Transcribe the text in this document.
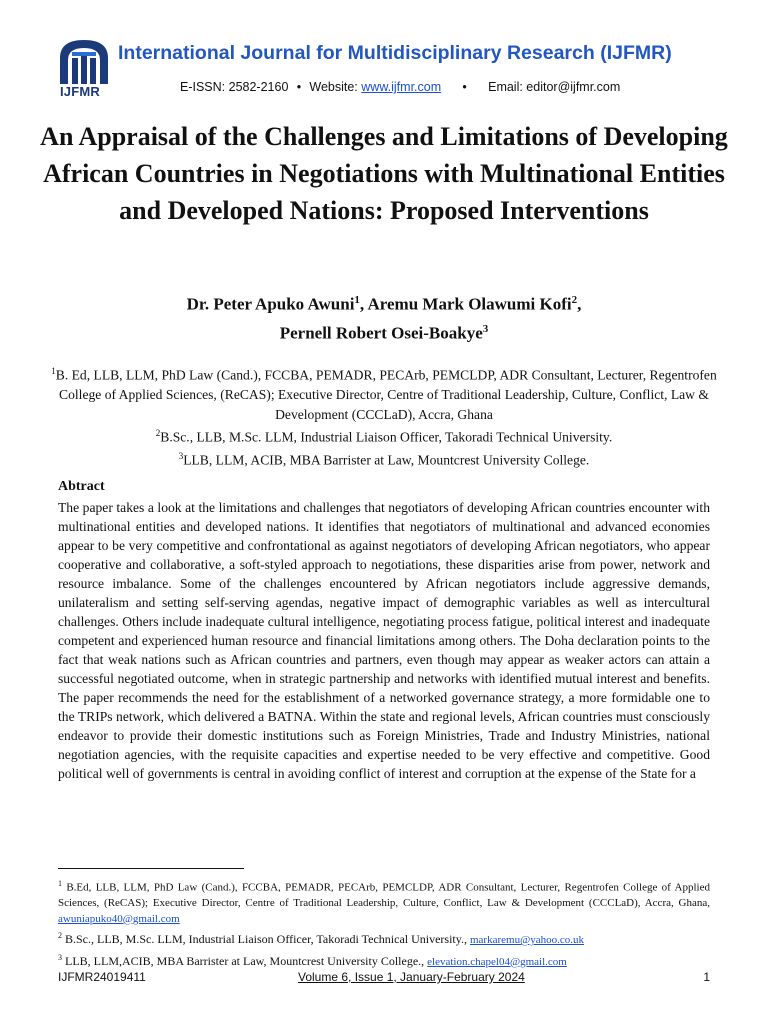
IJFMR
International Journal for Multidisciplinary Research (IJFMR)
E-ISSN: 2582-2160 • Website: www.ijfmr.com • Email: editor@ijfmr.com
An Appraisal of the Challenges and Limitations of Developing African Countries in Negotiations with Multinational Entities and Developed Nations: Proposed Interventions
Dr. Peter Apuko Awuni$^1$, Aremu Mark Olawumi Kofi$^2$,
Pernell Robert Osei-Boakye$^3$
$^1$B. Ed, LLB, LLM, PhD Law (Cand.), FCCBA, PEMADR, PECArb, PEMCLDP, ADR Consultant, Lecturer, Regentrofen College of Applied Sciences, (ReCAS); Executive Director, Centre of Traditional Leadership, Culture, Conflict, Law & Development (CCCLaD), Accra, Ghana
$^2$B.Sc., LLB, M.Sc. LLM, Industrial Liaison Officer, Takoradi Technical University.
$^3$LLB, LLM, ACIB, MBA Barrister at Law, Mountcrest University College.
Abtract
The paper takes a look at the limitations and challenges that negotiators of developing African countries encounter with multinational entities and developed nations. It identifies that negotiators of multinational and advanced economies appear to be very competitive and confrontational as against negotiators of developing African negotiators, who appear cooperative and collaborative, a soft-styled approach to negotiations, these disparities arise from power, network and resource imbalance. Some of the challenges encountered by African negotiators include aggressive demands, unilateralism and setting self-serving agendas, negative impact of demographic variables as well as intercultural challenges. Others include inadequate cultural intelligence, negotiating process fatigue, political interest and inadequate competent and experienced human resource and financial limitations among others. The Doha declaration points to the fact that weak nations such as African countries and partners, even though may appear as weaker actors can attain a successful negotiated outcome, when in strategic partnership and networks with identified mutual interest and benefits. The paper recommends the need for the establishment of a networked governance strategy, a more formidable one to the TRIPs network, which delivered a BATNA. Within the state and regional levels, African countries must consciously endeavor to provide their domestic institutions such as Foreign Ministries, Trade and Industry Ministries, national negotiation agencies, with the requisite capacities and expertise needed to be very effective and competitive. Good political well of governments is central in avoiding conflict of interest and corruption at the expense of the State for a
$^1$ B.Ed, LLB, LLM, PhD Law (Cand.), FCCBA, PEMADR, PECArb, PEMCLDP, ADR Consultant, Lecturer, Regentrofen College of Applied Sciences, (ReCAS); Executive Director, Centre of Traditional Leadership, Culture, Conflict, Law & Development (CCCLaD), Accra, Ghana, awuniapuko40@gmail.com
$^2$ B.Sc., LLB, M.Sc. LLM, Industrial Liaison Officer, Takoradi Technical University., markaremu@yahoo.co.uk
$^3$ LLB, LLM,ACIB, MBA Barrister at Law, Mountcrest University College., elevation.chapel04@gmail.com
IJFMR24019411	Volume 6, Issue 1, January-February 2024	1
